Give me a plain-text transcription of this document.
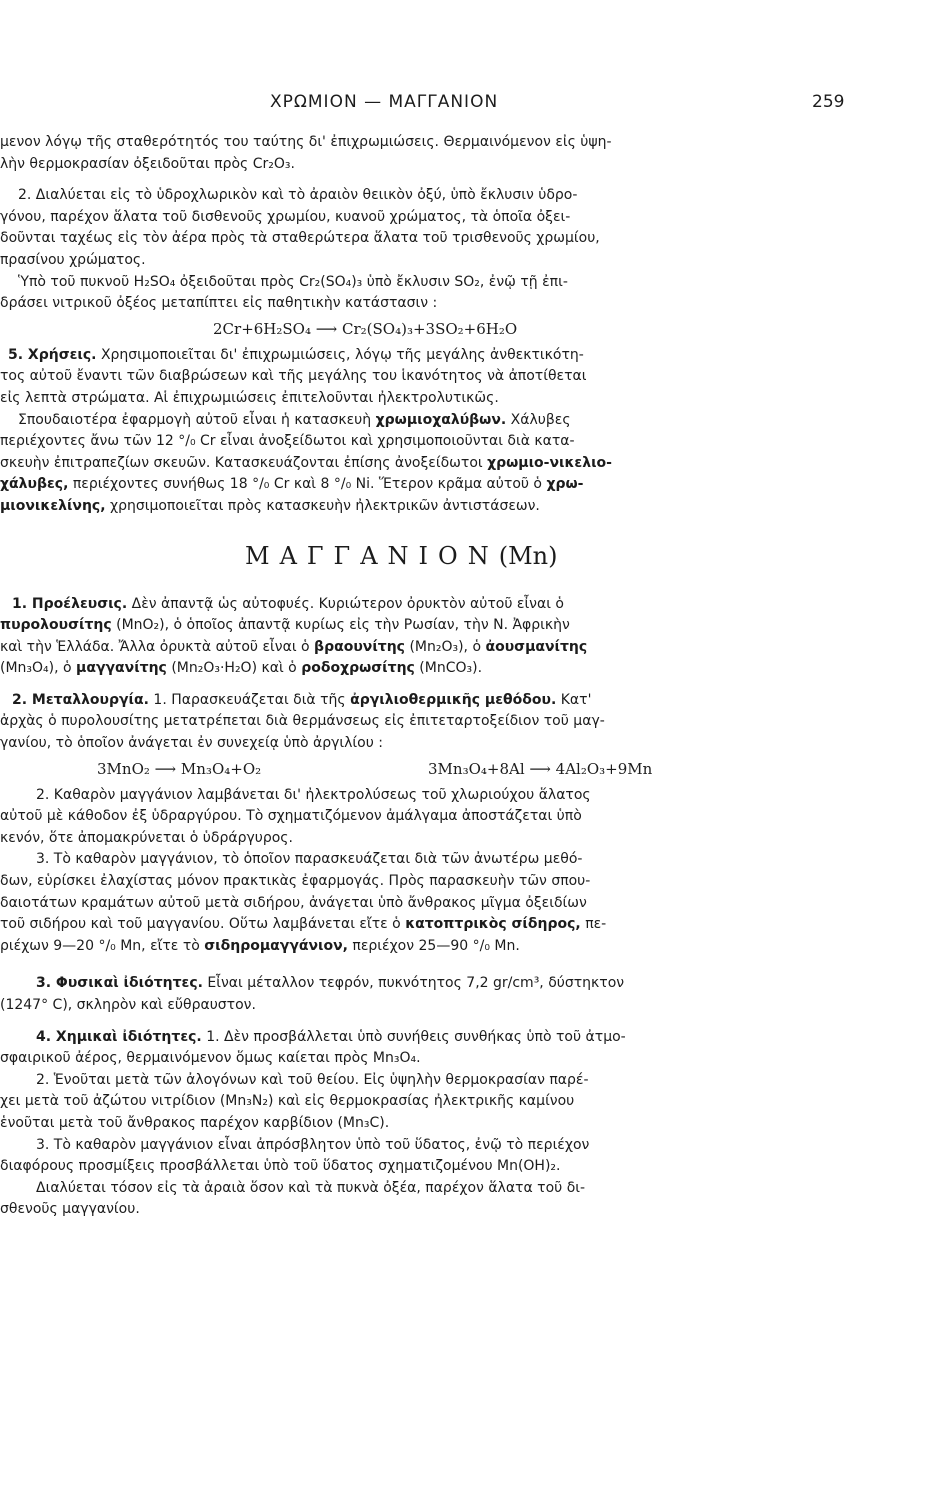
ΧΡΩΜΙΟΝ — ΜΑΓΓΑΝΙΟΝ	259
μενον λόγῳ τῆς σταθερότητός του ταύτης δι' ἐπιχρωμιώσεις. Θερμαινόμενον εἰς ὑψη-
λὴν θερμοκρασίαν ὀξειδοῦται πρὸς Cr₂O₃.
2. Διαλύεται εἰς τὸ ὑδροχλωρικὸν καὶ τὸ ἀραιὸν θειικὸν ὀξύ, ὑπὸ ἔκλυσιν ὑδρο-
γόνου, παρέχον ἅλατα τοῦ δισθενοῦς χρωμίου, κυανοῦ χρώματος, τὰ ὁποῖα ὀξει-
δοῦνται ταχέως εἰς τὸν ἀέρα πρὸς τὰ σταθερώτερα ἅλατα τοῦ τρισθενοῦς χρωμίου,
πρασίνου χρώματος.
Ὑπὸ τοῦ πυκνοῦ H₂SO₄ ὀξειδοῦται πρὸς Cr₂(SO₄)₃ ὑπὸ ἔκλυσιν SO₂, ἐνῷ τῇ ἐπι-
δράσει νιτρικοῦ ὀξέος μεταπίπτει εἰς παθητικὴν κατάστασιν :
2Cr+6H₂SO₄ ⟶ Cr₂(SO₄)₃+3SO₂+6H₂O
5. Χρήσεις. Χρησιμοποιεῖται δι' ἐπιχρωμιώσεις, λόγῳ τῆς μεγάλης ἀνθεκτικότη-
τος αὐτοῦ ἔναντι τῶν διαβρώσεων καὶ τῆς μεγάλης του ἱκανότητος νὰ ἀποτίθεται
εἰς λεπτὰ στρώματα. Αἱ ἐπιχρωμιώσεις ἐπιτελοῦνται ἠλεκτρολυτικῶς.
Σπουδαιοτέρα ἐφαρμογὴ αὐτοῦ εἶναι ἡ κατασκευὴ χρωμιοχαλύβων. Χάλυβες
περιέχοντες ἄνω τῶν 12 °/₀ Cr εἶναι ἀνοξείδωτοι καὶ χρησιμοποιοῦνται διὰ κατα-
σκευὴν ἐπιτραπεζίων σκευῶν. Κατασκευάζονται ἐπίσης ἀνοξείδωτοι χρωμιο-νικελιο-
χάλυβες, περιέχοντες συνήθως 18 °/₀ Cr καὶ 8 °/₀ Ni. Ἕτερον κρᾶμα αὐτοῦ ὁ χρω-
μιονικελίνης, χρησιμοποιεῖται πρὸς κατασκευὴν ἠλεκτρικῶν ἀντιστάσεων.
ΜΑΓΓΑΝΙΟΝ(Mn)
1. Προέλευσις. Δὲν ἀπαντᾷ ὡς αὐτοφυές. Κυριώτερον ὀρυκτὸν αὐτοῦ εἶναι ὁ
πυρολουσίτης (MnO₂), ὁ ὁποῖος ἀπαντᾷ κυρίως εἰς τὴν Ρωσίαν, τὴν Ν. Ἀφρικὴν
καὶ τὴν Ἑλλάδα. Ἄλλα ὀρυκτὰ αὐτοῦ εἶναι ὁ βραουνίτης (Mn₂O₃), ὁ ἀουσμανίτης
(Mn₃O₄), ὁ μαγγανίτης (Mn₂O₃·H₂O) καὶ ὁ ροδοχρωσίτης (MnCO₃).
2. Μεταλλουργία. 1. Παρασκευάζεται διὰ τῆς ἀργιλιοθερμικῆς μεθόδου. Κατ'
ἀρχὰς ὁ πυρολουσίτης μετατρέπεται διὰ θερμάνσεως εἰς ἐπιτεταρτοξείδιον τοῦ μαγ-
γανίου, τὸ ὁποῖον ἀνάγεται ἐν συνεχείᾳ ὑπὸ ἀργιλίου :
3MnO₂ ⟶ Mn₃O₄+O₂	3Mn₃O₄+8Al ⟶ 4Al₂O₃+9Mn
2. Καθαρὸν μαγγάνιον λαμβάνεται δι' ἠλεκτρολύσεως τοῦ χλωριούχου ἅλατος
αὐτοῦ μὲ κάθοδον ἐξ ὑδραργύρου. Τὸ σχηματιζόμενον ἀμάλγαμα ἀποστάζεται ὑπὸ
κενόν, ὅτε ἀπομακρύνεται ὁ ὑδράργυρος.
3. Τὸ καθαρὸν μαγγάνιον, τὸ ὁποῖον παρασκευάζεται διὰ τῶν ἀνωτέρω μεθό-
δων, εὑρίσκει ἐλαχίστας μόνον πρακτικὰς ἐφαρμογάς. Πρὸς παρασκευὴν τῶν σπου-
δαιοτάτων κραμάτων αὐτοῦ μετὰ σιδήρου, ἀνάγεται ὑπὸ ἄνθρακος μῖγμα ὀξειδίων
τοῦ σιδήρου καὶ τοῦ μαγγανίου. Οὕτω λαμβάνεται εἴτε ὁ κατοπτρικὸς σίδηρος, πε-
ριέχων 9—20 °/₀ Mn, εἴτε τὸ σιδηρομαγγάνιον, περιέχον 25—90 °/₀ Mn.
3. Φυσικαὶ ἰδιότητες. Εἶναι μέταλλον τεφρόν, πυκνότητος 7,2 gr/cm³, δύστηκτον
(1247° C), σκληρὸν καὶ εὔθραυστον.
4. Χημικαὶ ἰδιότητες. 1. Δὲν προσβάλλεται ὑπὸ συνήθεις συνθήκας ὑπὸ τοῦ ἀτμο-
σφαιρικοῦ ἀέρος, θερμαινόμενον ὅμως καίεται πρὸς Mn₃O₄.
2. Ἑνοῦται μετὰ τῶν ἀλογόνων καὶ τοῦ θείου. Εἰς ὑψηλὴν θερμοκρασίαν παρέ-
χει μετὰ τοῦ ἀζώτου νιτρίδιον (Mn₃N₂) καὶ εἰς θερμοκρασίας ἠλεκτρικῆς καμίνου
ἑνοῦται μετὰ τοῦ ἄνθρακος παρέχον καρβίδιον (Mn₃C).
3. Τὸ καθαρὸν μαγγάνιον εἶναι ἀπρόσβλητον ὑπὸ τοῦ ὕδατος, ἐνῷ τὸ περιέχον
διαφόρους προσμίξεις προσβάλλεται ὑπὸ τοῦ ὕδατος σχηματιζομένου Mn(OH)₂.
Διαλύεται τόσον εἰς τὰ ἀραιὰ ὅσον καὶ τὰ πυκνὰ ὀξέα, παρέχον ἅλατα τοῦ δι-
σθενοῦς μαγγανίου.
